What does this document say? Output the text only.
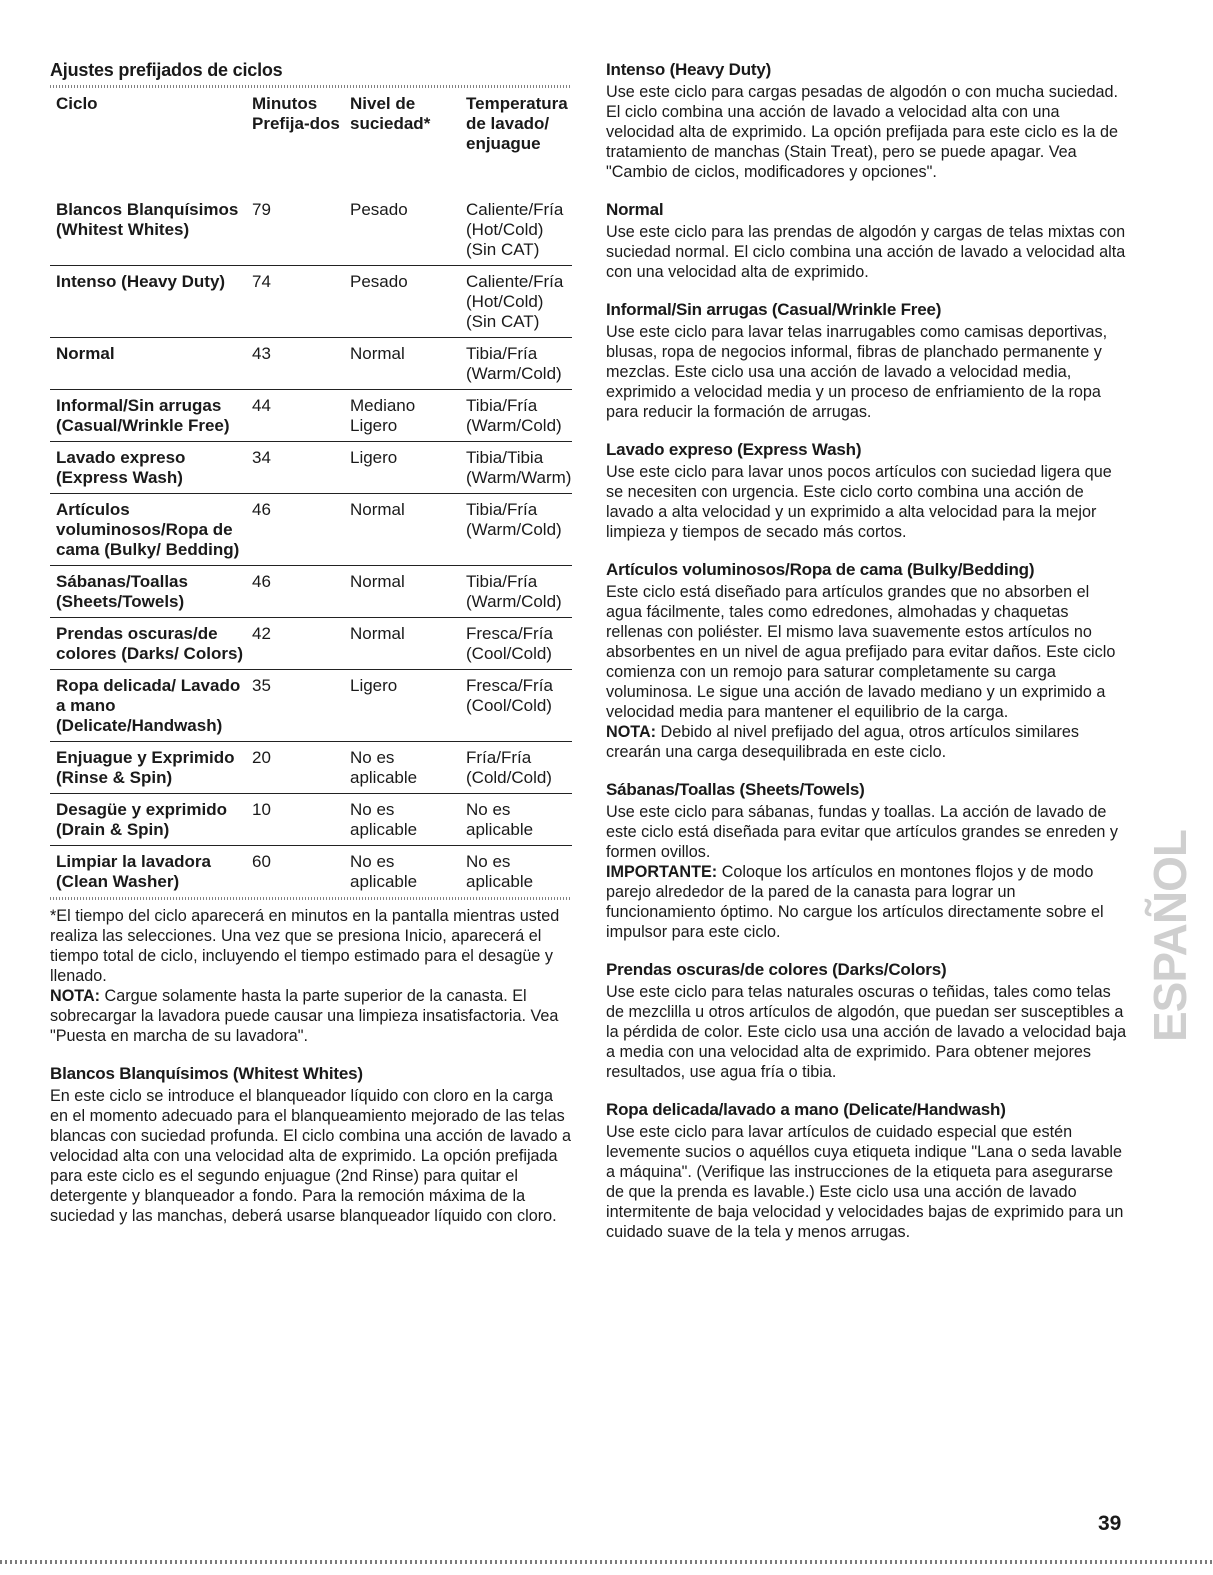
Ajustes prefijados de ciclos
Ciclo	Minutos Prefija-dos	Nivel de suciedad*	Temperatura de lavado/ enjuague
Blancos Blanquísimos (Whitest Whites)	79	Pesado	Caliente/Fría (Hot/Cold) (Sin CAT)
Intenso (Heavy Duty)	74	Pesado	Caliente/Fría (Hot/Cold) (Sin CAT)
Normal	43	Normal	Tibia/Fría (Warm/Cold)
Informal/Sin arrugas (Casual/Wrinkle Free)	44	Mediano Ligero	Tibia/Fría (Warm/Cold)
Lavado expreso (Express Wash)	34	Ligero	Tibia/Tibia (Warm/Warm)
Artículos voluminosos/Ropa de cama (Bulky/ Bedding)	46	Normal	Tibia/Fría (Warm/Cold)
Sábanas/Toallas (Sheets/Towels)	46	Normal	Tibia/Fría (Warm/Cold)
Prendas oscuras/de colores (Darks/ Colors)	42	Normal	Fresca/Fría (Cool/Cold)
Ropa delicada/ Lavado a mano (Delicate/Handwash)	35	Ligero	Fresca/Fría (Cool/Cold)
Enjuague y Exprimido (Rinse & Spin)	20	No es aplicable	Fría/Fría (Cold/Cold)
Desagüe y exprimido (Drain & Spin)	10	No es aplicable	No es aplicable
Limpiar la lavadora (Clean Washer)	60	No es aplicable	No es aplicable

*El tiempo del ciclo aparecerá en minutos en la pantalla mientras usted realiza las selecciones. Una vez que se presiona Inicio, aparecerá el tiempo total de ciclo, incluyendo el tiempo estimado para el desagüe y llenado.

NOTA: Cargue solamente hasta la parte superior de la canasta. El sobrecargar la lavadora puede causar una limpieza insatisfactoria. Vea "Puesta en marcha de su lavadora".

Blancos Blanquísimos (Whitest Whites)

En este ciclo se introduce el blanqueador líquido con cloro en la carga en el momento adecuado para el blanqueamiento mejorado de las telas blancas con suciedad profunda. El ciclo combina una acción de lavado a velocidad alta con una velocidad alta de exprimido. La opción prefijada para este ciclo es el segundo enjuague (2nd Rinse) para quitar el detergente y blanqueador a fondo. Para la remoción máxima de la suciedad y las manchas, deberá usarse blanqueador líquido con cloro.

Intenso (Heavy Duty)

Use este ciclo para cargas pesadas de algodón o con mucha suciedad. El ciclo combina una acción de lavado a velocidad alta con una velocidad alta de exprimido. La opción prefijada para este ciclo es la de tratamiento de manchas (Stain Treat), pero se puede apagar. Vea "Cambio de ciclos, modificadores y opciones".

Normal

Use este ciclo para las prendas de algodón y cargas de telas mixtas con suciedad normal. El ciclo combina una acción de lavado a velocidad alta con una velocidad alta de exprimido.

Informal/Sin arrugas (Casual/Wrinkle Free)

Use este ciclo para lavar telas inarrugables como camisas deportivas, blusas, ropa de negocios informal, fibras de planchado permanente y mezclas. Este ciclo usa una acción de lavado a velocidad media, exprimido a velocidad media y un proceso de enfriamiento de la ropa para reducir la formación de arrugas.

Lavado expreso (Express Wash)

Use este ciclo para lavar unos pocos artículos con suciedad ligera que se necesiten con urgencia. Este ciclo corto combina una acción de lavado a alta velocidad y un exprimido a alta velocidad para la mejor limpieza y tiempos de secado más cortos.

Artículos voluminosos/Ropa de cama (Bulky/Bedding)

Este ciclo está diseñado para artículos grandes que no absorben el agua fácilmente, tales como edredones, almohadas y chaquetas rellenas con poliéster. El mismo lava suavemente estos artículos no absorbentes en un nivel de agua prefijado para evitar daños. Este ciclo comienza con un remojo para saturar completamente su carga voluminosa. Le sigue una acción de lavado mediano y un exprimido a velocidad media para mantener el equilibrio de la carga.

NOTA: Debido al nivel prefijado del agua, otros artículos similares crearán una carga desequilibrada en este ciclo.

Sábanas/Toallas (Sheets/Towels)

Use este ciclo para sábanas, fundas y toallas. La acción de lavado de este ciclo está diseñada para evitar que artículos grandes se enreden y formen ovillos.

IMPORTANTE: Coloque los artículos en montones flojos y de modo parejo alrededor de la pared de la canasta para lograr un funcionamiento óptimo. No cargue los artículos directamente sobre el impulsor para este ciclo.

Prendas oscuras/de colores (Darks/Colors)

Use este ciclo para telas naturales oscuras o teñidas, tales como telas de mezclilla u otros artículos de algodón, que puedan ser susceptibles a la pérdida de color. Este ciclo usa una acción de lavado a velocidad baja a media con una velocidad alta de exprimido. Para obtener mejores resultados, use agua fría o tibia.

Ropa delicada/lavado a mano (Delicate/Handwash)

Use este ciclo para lavar artículos de cuidado especial que estén levemente sucios o aquéllos cuya etiqueta indique "Lana o seda lavable a máquina". (Verifique las instrucciones de la etiqueta para asegurarse de que la prenda es lavable.) Este ciclo usa una acción de lavado intermitente de baja velocidad y velocidades bajas de exprimido para un cuidado suave de la tela y menos arrugas.

ESPAÑOL
39
